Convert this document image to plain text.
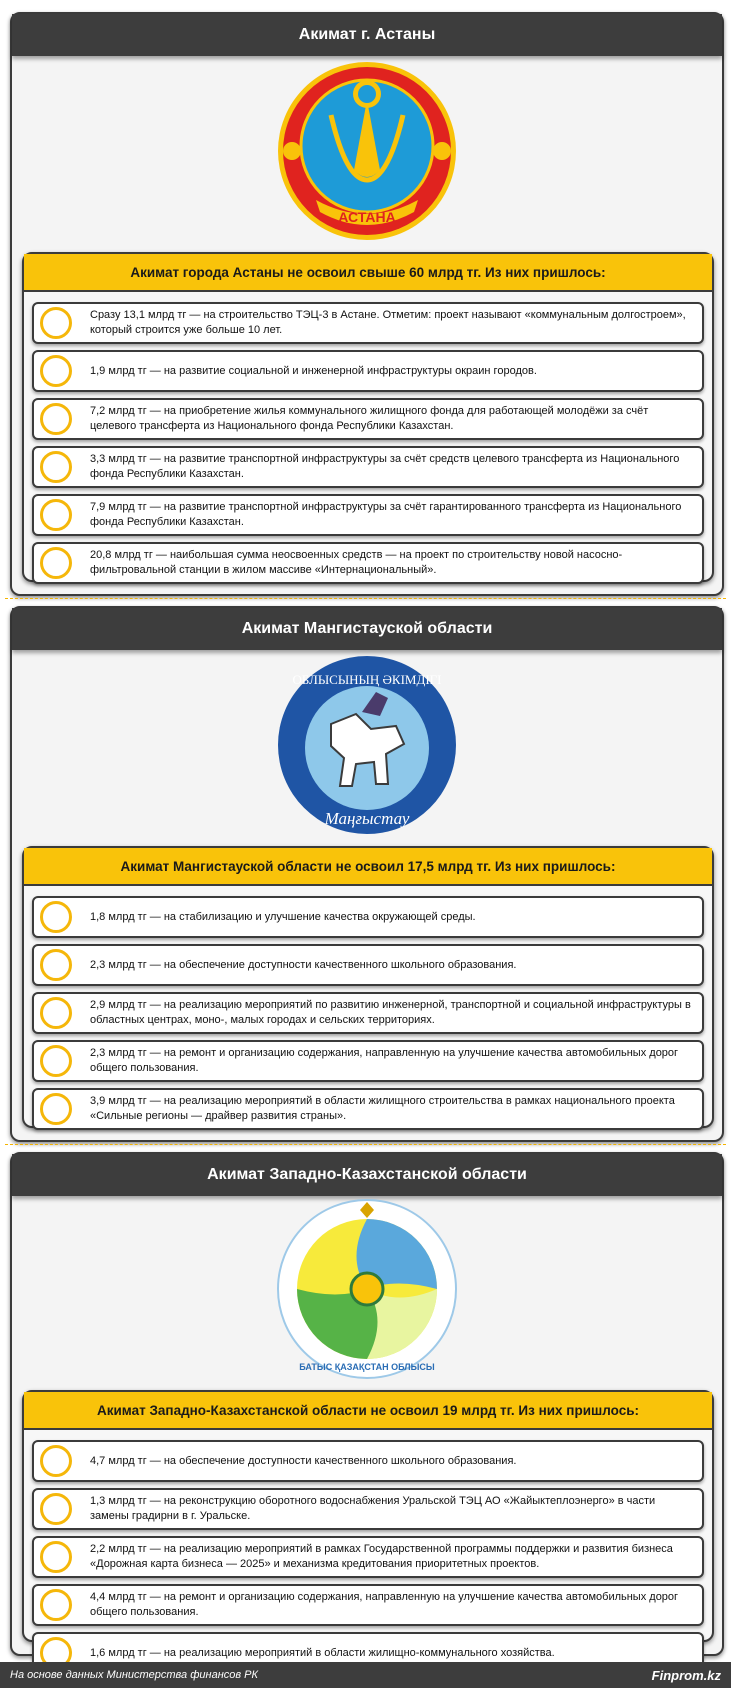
Акимат г. Астаны
АСТАНА
Акимат города Астаны не освоил свыше 60 млрд тг. Из них пришлось:
Сразу 13,1 млрд тг — на строительство ТЭЦ-3 в Астане. Отметим: проект называют «коммунальным долгостроем», который строится уже больше 10 лет.
1,9 млрд тг — на развитие социальной и инженерной инфраструктуры окраин городов.
7,2 млрд тг — на приобретение жилья коммунального жилищного фонда для работающей молодёжи за счёт целевого трансферта из Национального фонда Республики Казахстан.
3,3 млрд тг — на развитие транспортной инфраструктуры за счёт средств целевого трансферта из Национального фонда Республики Казахстан.
7,9 млрд тг — на развитие транспортной инфраструктуры за счёт гарантированного трансферта из Национального фонда Республики Казахстан.
20,8 млрд тг — наибольшая сумма неосвоенных средств — на проект по строительству новой насосно-фильтровальной станции в жилом массиве «Интернациональный».
Акимат Мангистауской области
ОБЛЫСЫНЫҢ ӘКІМДІГІ
Маңғыстау
Акимат Мангистауской области не освоил 17,5 млрд тг. Из них пришлось:
1,8 млрд тг — на стабилизацию и улучшение качества окружающей среды.
2,3 млрд тг — на обеспечение доступности качественного школьного образования.
2,9 млрд тг — на реализацию мероприятий по развитию инженерной, транспортной и социальной инфраструктуры в областных центрах, моно-, малых городах и сельских территориях.
2,3 млрд тг — на ремонт и организацию содержания, направленную на улучшение качества автомобильных дорог общего пользования.
3,9 млрд тг — на реализацию мероприятий в области жилищного строительства в рамках национального проекта «Сильные регионы — драйвер развития страны».
Акимат Западно-Казахстанской области
БАТЫС ҚАЗАҚСТАН ОБЛЫСЫ
Акимат Западно-Казахстанской области не освоил 19 млрд тг. Из них пришлось:
4,7 млрд тг — на обеспечение доступности качественного школьного образования.
1,3 млрд тг — на реконструкцию оборотного водоснабжения Уральской ТЭЦ АО «Жайыктеплоэнерго» в части замены градирни в г. Уральске.
2,2 млрд тг — на реализацию мероприятий в рамках Государственной программы поддержки и развития бизнеса «Дорожная карта бизнеса — 2025» и механизма кредитования приоритетных проектов.
4,4 млрд тг — на ремонт и организацию содержания, направленную на улучшение качества автомобильных дорог общего пользования.
1,6 млрд тг — на реализацию мероприятий в области жилищно-коммунального хозяйства.
На основе данных Министерства финансов РК	Finprom.kz
